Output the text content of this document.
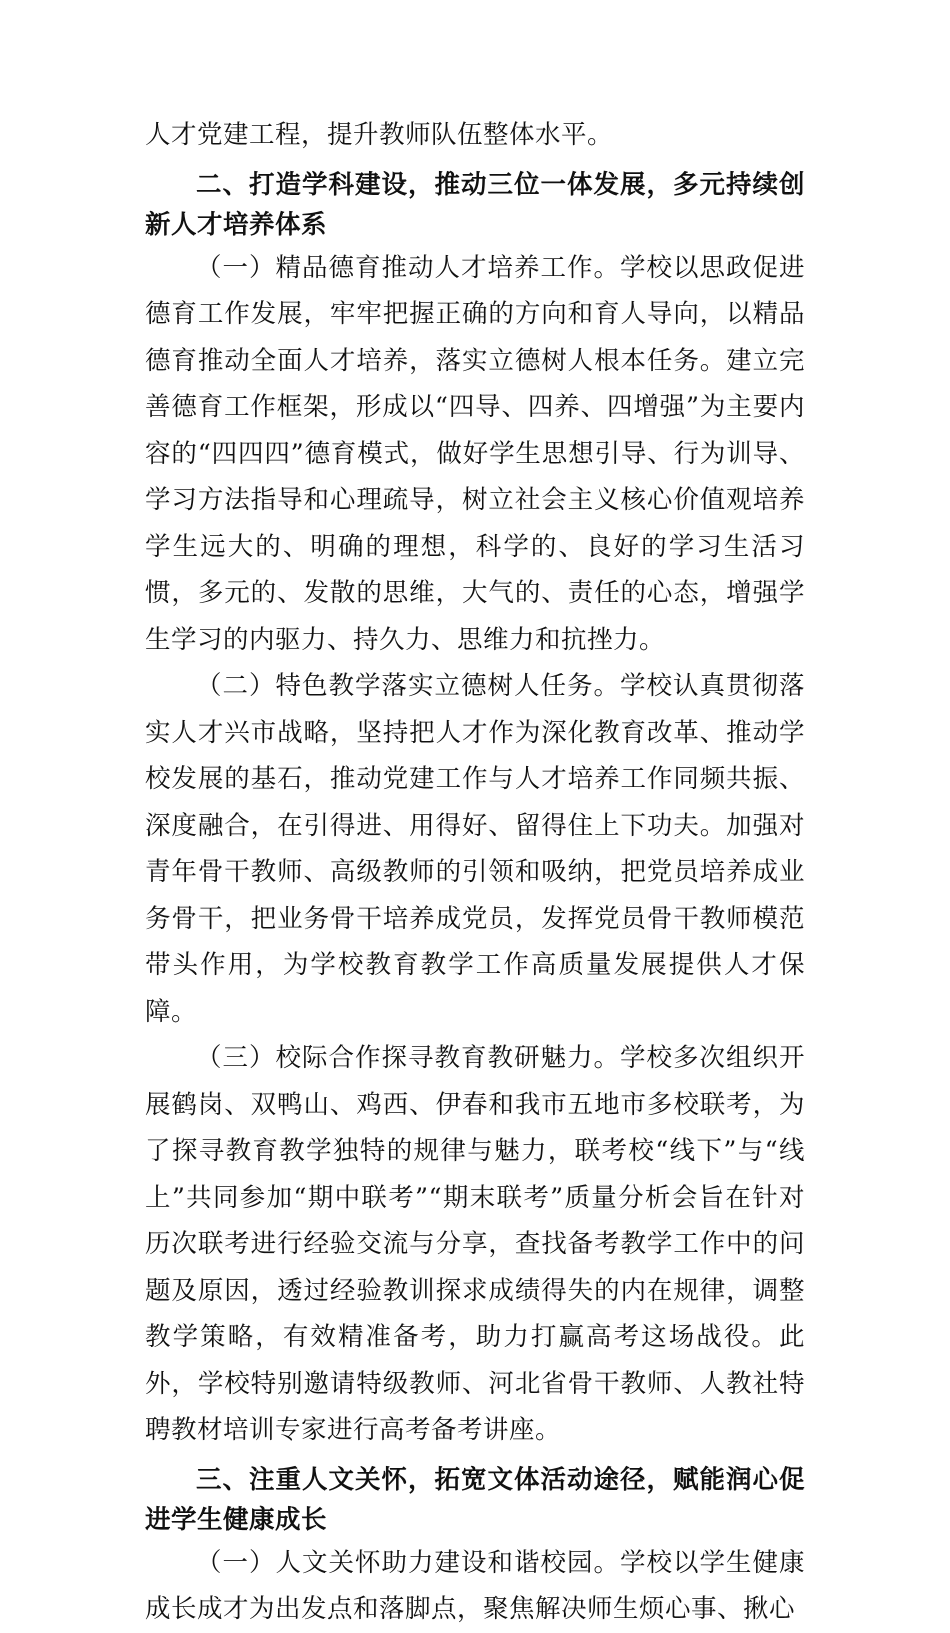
人才党建工程，提升教师队伍整体水平。

二、打造学科建设，推动三位一体发展，多元持续创新人才培养体系

（一）精品德育推动人才培养工作。学校以思政促进德育工作发展，牢牢把握正确的方向和育人导向，以精品德育推动全面人才培养，落实立德树人根本任务。建立完善德育工作框架，形成以“四导、四养、四增强”为主要内容的“四四四”德育模式，做好学生思想引导、行为训导、学习方法指导和心理疏导，树立社会主义核心价值观培养学生远大的、明确的理想，科学的、良好的学习生活习惯，多元的、发散的思维，大气的、责任的心态，增强学生学习的内驱力、持久力、思维力和抗挫力。

（二）特色教学落实立德树人任务。学校认真贯彻落实人才兴市战略，坚持把人才作为深化教育改革、推动学校发展的基石，推动党建工作与人才培养工作同频共振、深度融合，在引得进、用得好、留得住上下功夫。加强对青年骨干教师、高级教师的引领和吸纳，把党员培养成业务骨干，把业务骨干培养成党员，发挥党员骨干教师模范带头作用，为学校教育教学工作高质量发展提供人才保障。

（三）校际合作探寻教育教研魅力。学校多次组织开展鹤岗、双鸭山、鸡西、伊春和我市五地市多校联考，为了探寻教育教学独特的规律与魅力，联考校“线下”与“线上”共同参加“期中联考”“期末联考”质量分析会旨在针对历次联考进行经验交流与分享，查找备考教学工作中的问题及原因，透过经验教训探求成绩得失的内在规律，调整教学策略，有效精准备考，助力打赢高考这场战役。此外，学校特别邀请特级教师、河北省骨干教师、人教社特聘教材培训专家进行高考备考讲座。

三、注重人文关怀，拓宽文体活动途径，赋能润心促进学生健康成长

（一）人文关怀助力建设和谐校园。学校以学生健康成长成才为出发点和落脚点，聚焦解决师生烦心事、揪心
